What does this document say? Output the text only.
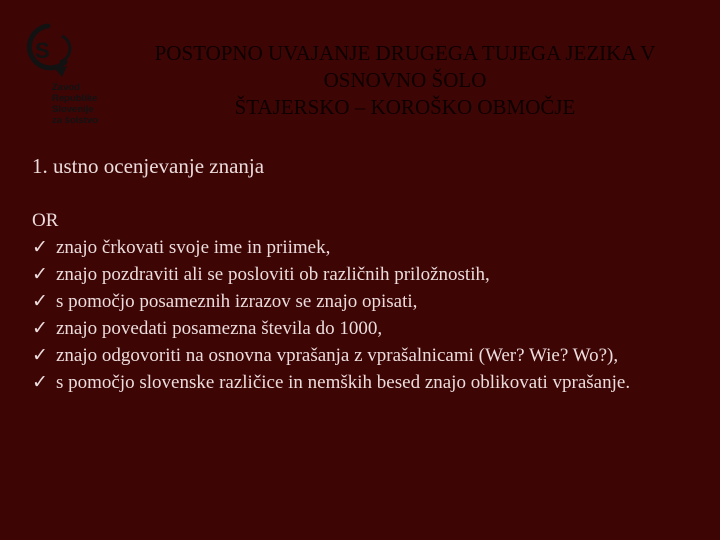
S
Zavod
Republike
Slovenije
za šolstvo
POSTOPNO UVAJANJE DRUGEGA TUJEGA JEZIKA V
OSNOVNO ŠOLO
ŠTAJERSKO – KOROŠKO OBMOČJE
1. ustno ocenjevanje znanja
OR
✓ znajo črkovati svoje ime in priimek,
✓ znajo pozdraviti ali se posloviti ob različnih priložnostih,
✓ s pomočjo posameznih izrazov se znajo opisati,
✓ znajo povedati posamezna števila do 1000,
✓ znajo odgovoriti na osnovna vprašanja z vprašalnicami (Wer? Wie? Wo?),
✓ s pomočjo slovenske različice in nemških besed znajo oblikovati vprašanje.
